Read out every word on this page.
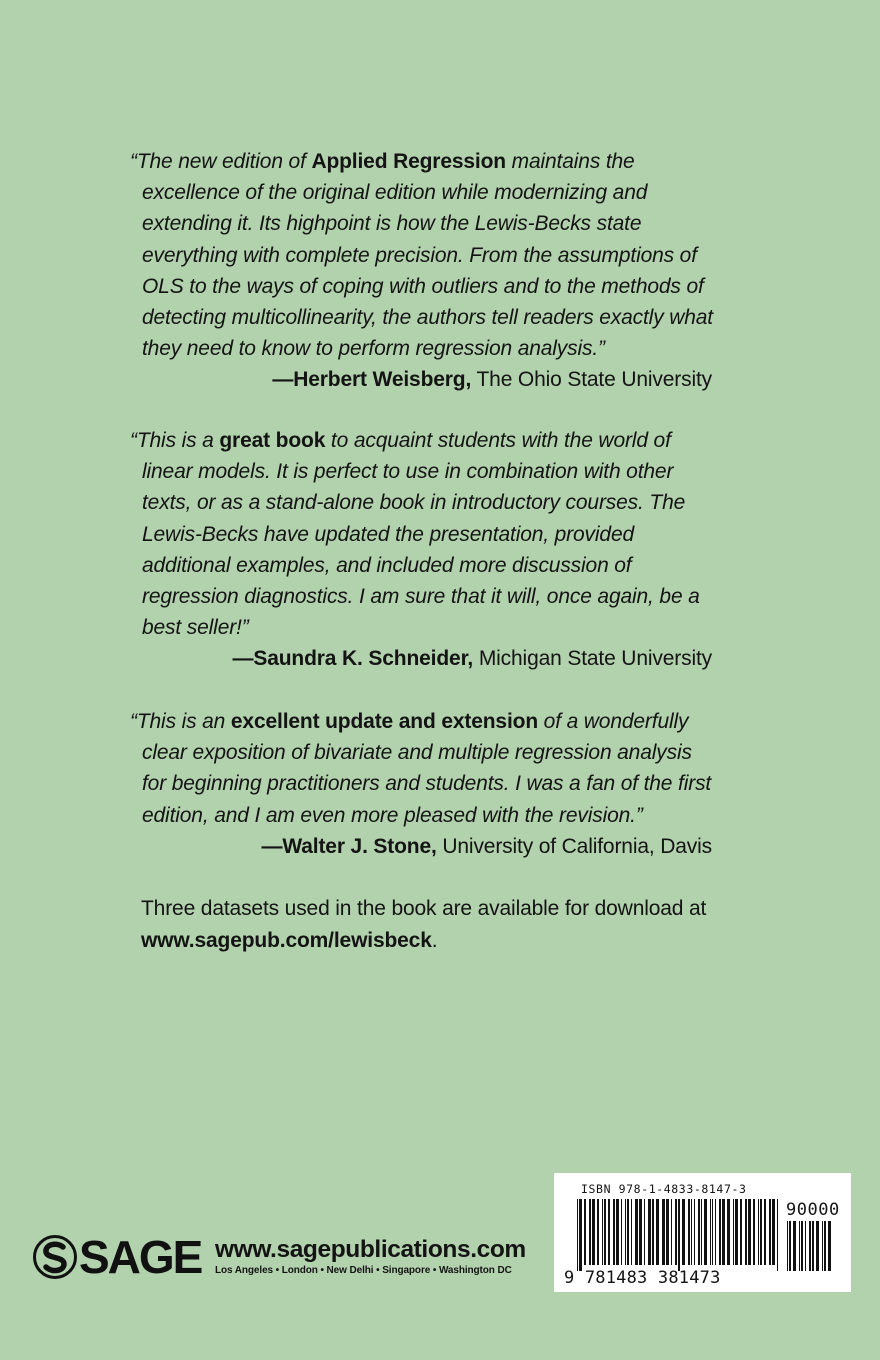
“The new edition of Applied Regression maintains the
excellence of the original edition while modernizing and
extending it. Its highpoint is how the Lewis-Becks state
everything with complete precision. From the assumptions of
OLS to the ways of coping with outliers and to the methods of
detecting multicollinearity, the authors tell readers exactly what
they need to know to perform regression analysis.”
—Herbert Weisberg, The Ohio State University
“This is a great book to acquaint students with the world of
linear models. It is perfect to use in combination with other
texts, or as a stand-alone book in introductory courses. The
Lewis-Becks have updated the presentation, provided
additional examples, and included more discussion of
regression diagnostics. I am sure that it will, once again, be a
best seller!”
—Saundra K. Schneider, Michigan State University
“This is an excellent update and extension of a wonderfully
clear exposition of bivariate and multiple regression analysis
for beginning practitioners and students. I was a fan of the first
edition, and I am even more pleased with the revision.”
—Walter J. Stone, University of California, Davis
Three datasets used in the book are available for download at
www.sagepub.com/lewisbeck.
SAGE www.sagepublications.com
Los Angeles • London • New Delhi • Singapore • Washington DC
ISBN 978-1-4833-8147-3
90000
9 781483 381473
